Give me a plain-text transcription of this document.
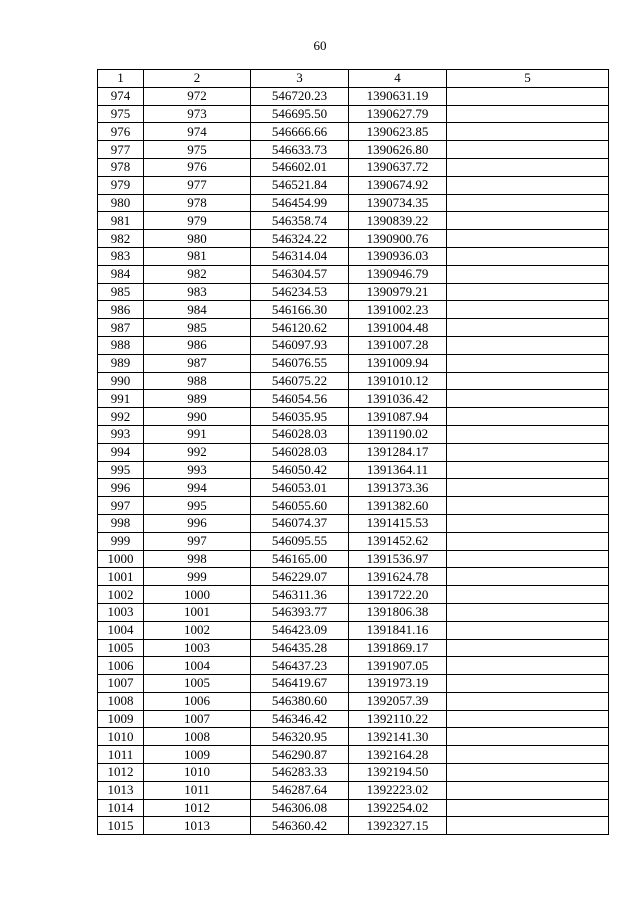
60
1	2	3	4	5
974	972	546720.23	1390631.19	
975	973	546695.50	1390627.79	
976	974	546666.66	1390623.85	
977	975	546633.73	1390626.80	
978	976	546602.01	1390637.72	
979	977	546521.84	1390674.92	
980	978	546454.99	1390734.35	
981	979	546358.74	1390839.22	
982	980	546324.22	1390900.76	
983	981	546314.04	1390936.03	
984	982	546304.57	1390946.79	
985	983	546234.53	1390979.21	
986	984	546166.30	1391002.23	
987	985	546120.62	1391004.48	
988	986	546097.93	1391007.28	
989	987	546076.55	1391009.94	
990	988	546075.22	1391010.12	
991	989	546054.56	1391036.42	
992	990	546035.95	1391087.94	
993	991	546028.03	1391190.02	
994	992	546028.03	1391284.17	
995	993	546050.42	1391364.11	
996	994	546053.01	1391373.36	
997	995	546055.60	1391382.60	
998	996	546074.37	1391415.53	
999	997	546095.55	1391452.62	
1000	998	546165.00	1391536.97	
1001	999	546229.07	1391624.78	
1002	1000	546311.36	1391722.20	
1003	1001	546393.77	1391806.38	
1004	1002	546423.09	1391841.16	
1005	1003	546435.28	1391869.17	
1006	1004	546437.23	1391907.05	
1007	1005	546419.67	1391973.19	
1008	1006	546380.60	1392057.39	
1009	1007	546346.42	1392110.22	
1010	1008	546320.95	1392141.30	
1011	1009	546290.87	1392164.28	
1012	1010	546283.33	1392194.50	
1013	1011	546287.64	1392223.02	
1014	1012	546306.08	1392254.02	
1015	1013	546360.42	1392327.15	
